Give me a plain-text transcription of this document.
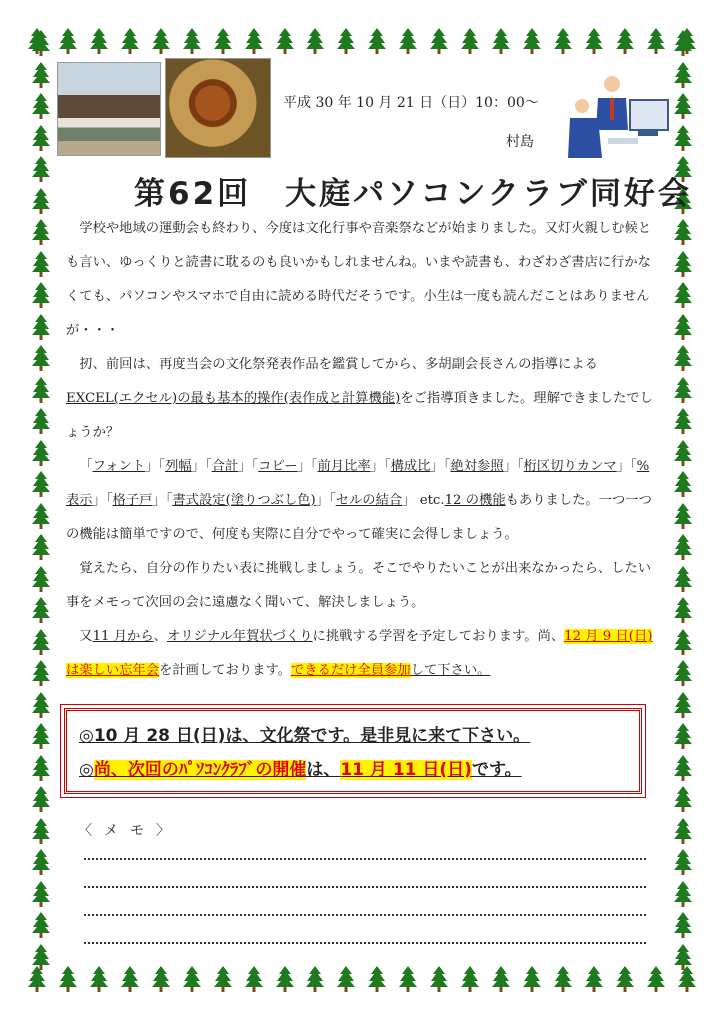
平成 30 年 10 月 21 日（日）10：00～
村島
第62回　大庭パソコンクラブ同好会

学校や地域の運動会も終わり、今度は文化行事や音楽祭などが始まりました。又灯火親しむ候とも言い、ゆっくりと読書に耽るのも良いかもしれませんね。いまや読書も、わざわざ書店に行かなくても、パソコンやスマホで自由に読める時代だそうです。小生は一度も読んだことはありませんが・・・

扨、前回は、再度当会の文化祭発表作品を鑑賞してから、多胡副会長さんの指導によるEXCEL(エクセル)の最も基本的操作(表作成と計算機能)をご指導頂きました。理解できましたでしょうか？

「フォント」「列幅」「合計」「コピー」「前月比率」「構成比」「絶対参照」「桁区切りカンマ」「%表示」「格子戸」「書式設定(塗りつぶし色)」「セルの結合」 etc.12 の機能もありました。一つ一つの機能は簡単ですので、何度も実際に自分でやって確実に会得しましょう。

覚えたら、自分の作りたい表に挑戦しましょう。そこでやりたいことが出来なかったら、したい事をメモって次回の会に遠慮なく聞いて、解決しましょう。

又11 月から、オリジナル年賀状づくりに挑戦する学習を予定しております。尚、12 月 9 日(日)は楽しい忘年会を計画しております。できるだけ全員参加して下さい。

◎10 月 28 日(日)は、文化祭です。是非見に来て下さい。
◎尚、次回のﾊﾟｿｺﾝｸﾗﾌﾞの開催は、11 月 11 日(日)です。
〈メモ〉
